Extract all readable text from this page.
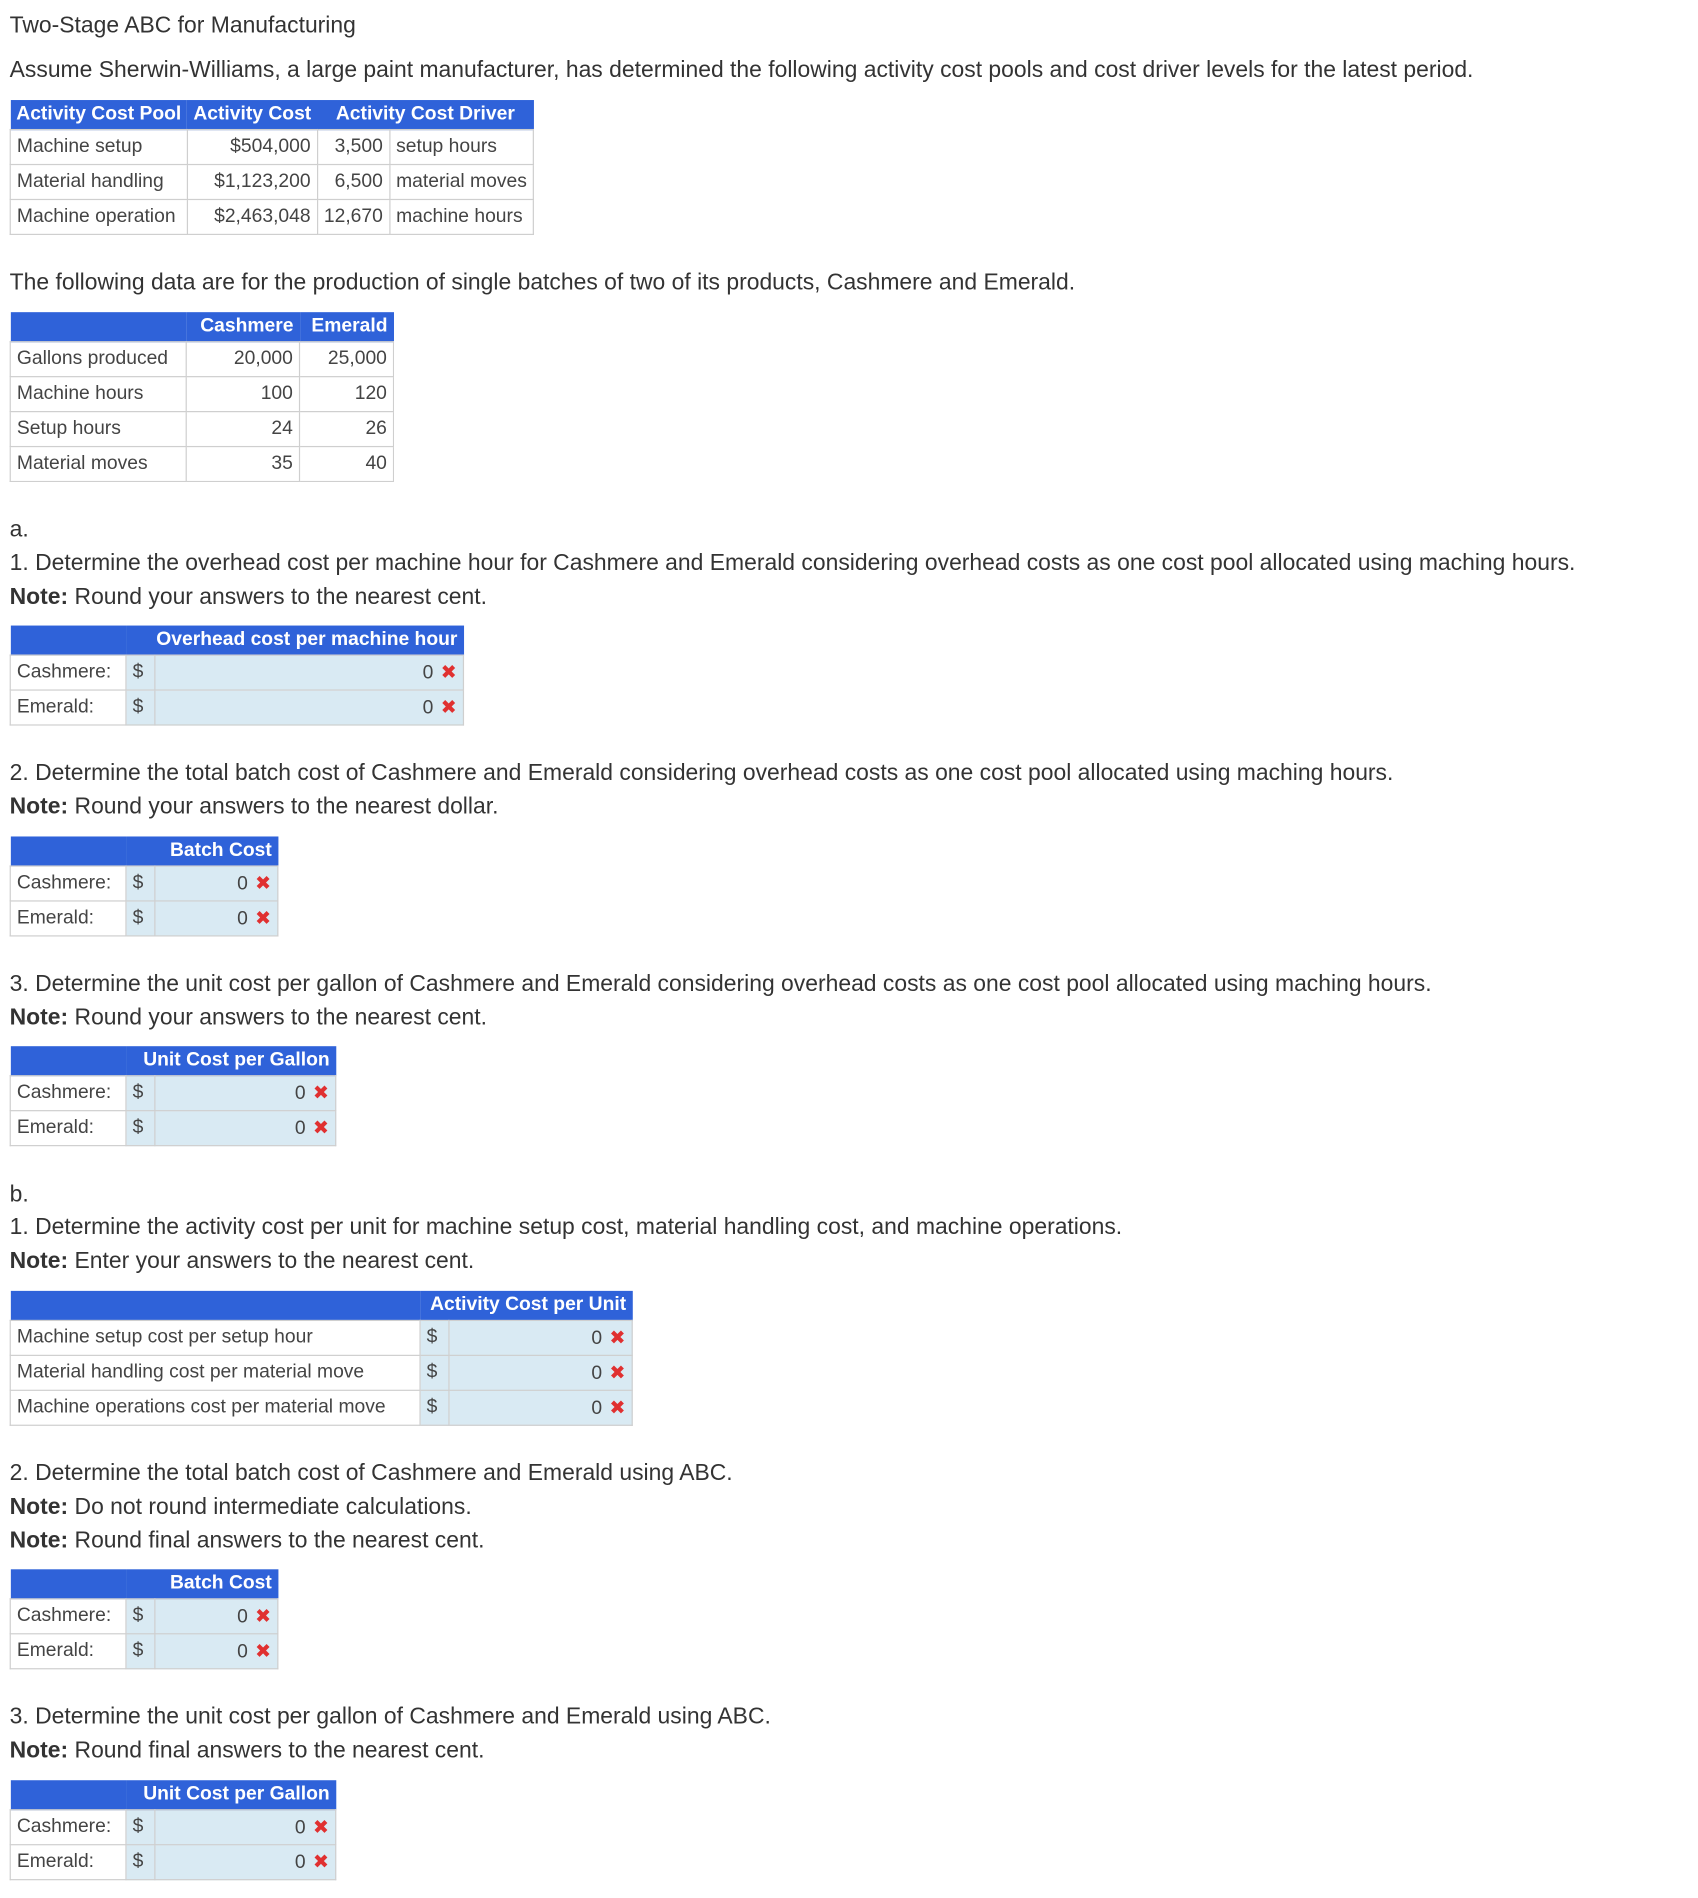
Two-Stage ABC for Manufacturing
Assume Sherwin-Williams, a large paint manufacturer, has determined the following activity cost pools and cost driver levels for the latest period.
Activity Cost Pool	Activity Cost	Activity Cost Driver	
Machine setup	$504,000	3,500	setup hours
Material handling	$1,123,200	6,500	material moves
Machine operation	$2,463,048	12,670	machine hours
The following data are for the production of single batches of two of its products, Cashmere and Emerald.
	Cashmere	Emerald
Gallons produced	20,000	25,000
Machine hours	100	120
Setup hours	24	26
Material moves	35	40
a.
1. Determine the overhead cost per machine hour for Cashmere and Emerald considering overhead costs as one cost pool allocated using maching hours.
Note: Round your answers to the nearest cent.
	Overhead cost per machine hour	
Cashmere:	$	0 ✖
Emerald:	$	0 ✖
2. Determine the total batch cost of Cashmere and Emerald considering overhead costs as one cost pool allocated using maching hours.
Note: Round your answers to the nearest dollar.
	Batch Cost	
Cashmere:	$	0 ✖
Emerald:	$	0 ✖
3. Determine the unit cost per gallon of Cashmere and Emerald considering overhead costs as one cost pool allocated using maching hours.
Note: Round your answers to the nearest cent.
	Unit Cost per Gallon	
Cashmere:	$	0 ✖
Emerald:	$	0 ✖
b.
1. Determine the activity cost per unit for machine setup cost, material handling cost, and machine operations.
Note: Enter your answers to the nearest cent.
	Activity Cost per Unit	
Machine setup cost per setup hour	$	0 ✖
Material handling cost per material move	$	0 ✖
Machine operations cost per material move	$	0 ✖
2. Determine the total batch cost of Cashmere and Emerald using ABC.
Note: Do not round intermediate calculations.
Note: Round final answers to the nearest cent.
	Batch Cost	
Cashmere:	$	0 ✖
Emerald:	$	0 ✖
3. Determine the unit cost per gallon of Cashmere and Emerald using ABC.
Note: Round final answers to the nearest cent.
	Unit Cost per Gallon	
Cashmere:	$	0 ✖
Emerald:	$	0 ✖
